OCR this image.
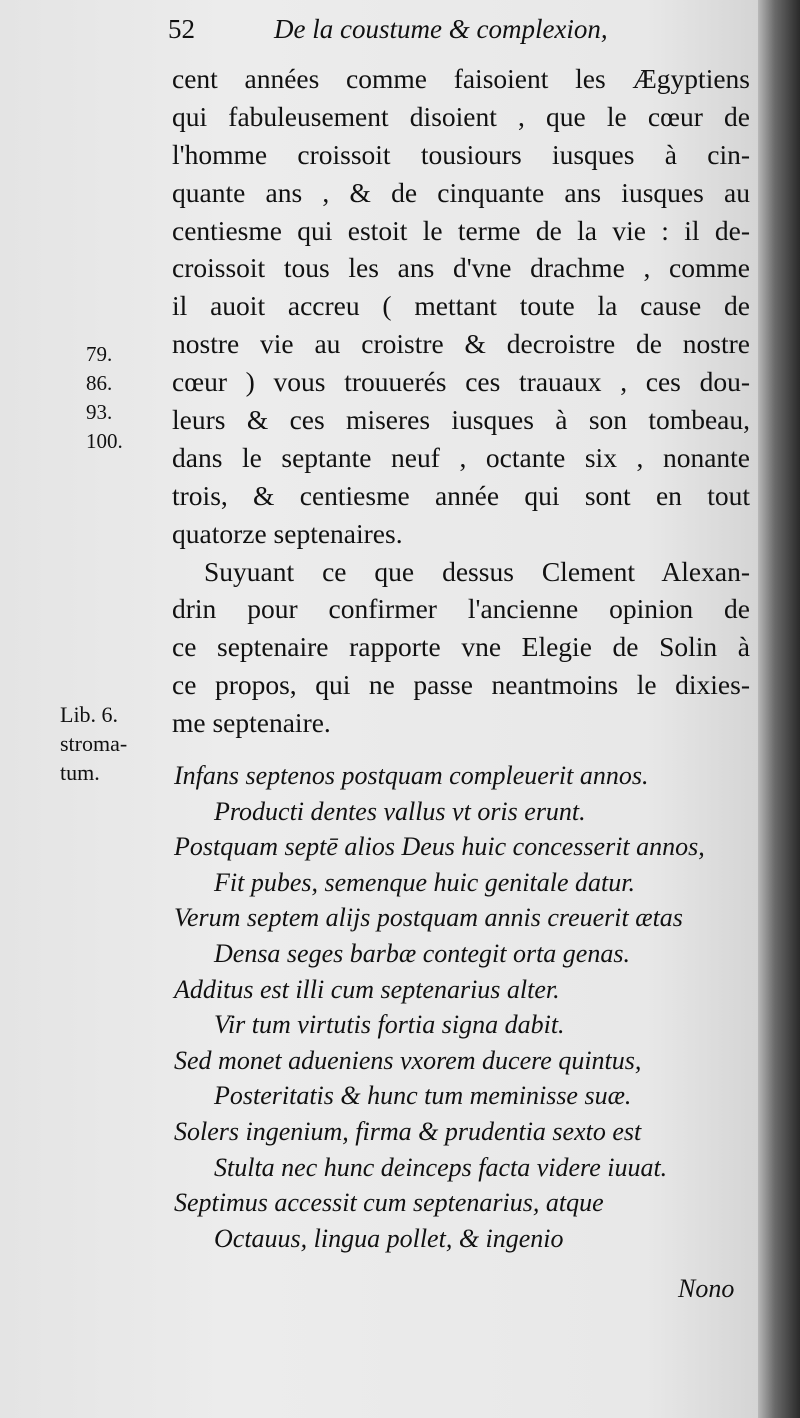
52	De la coustume & complexion,
cent années comme faisoient les Ægyptiens
qui fabuleusement disoient , que le cœur de
l'homme croissoit tousiours iusques à cin-
quante ans , & de cinquante ans iusques au
centiesme qui estoit le terme de la vie : il de-
croissoit tous les ans d'vne drachme , comme
il auoit accreu ( mettant toute la cause de
nostre vie au croistre & decroistre de nostre
cœur ) vous trouuerés ces trauaux , ces dou-
leurs & ces miseres iusques à son tombeau,
dans le septante neuf , octante six , nonante
trois, & centiesme année qui sont en tout
quatorze septenaires.
Suyuant ce que dessus Clement Alexan-
drin pour confirmer l'ancienne opinion de
ce septenaire rapporte vne Elegie de Solin à
ce propos, qui ne passe neantmoins le dixies-
me septenaire.
79.
86.
93.
100.
Lib. 6.
stroma-
tum.	Infans septenos postquam compleuerit annos.
Producti dentes vallus vt oris erunt.
Postquam septē alios Deus huic concesserit annos,
Fit pubes, semenque huic genitale datur.
Verum septem alijs postquam annis creuerit ætas
Densa seges barbæ contegit orta genas.
Additus est illi cum septenarius alter.
Vir tum virtutis fortia signa dabit.
Sed monet adueniens vxorem ducere quintus,
Posteritatis & hunc tum meminisse suæ.
Solers ingenium, firma & prudentia sexto est
Stulta nec hunc deinceps facta videre iuuat.
Septimus accessit cum septenarius, atque
Octauus, lingua pollet, & ingenio
Nono
